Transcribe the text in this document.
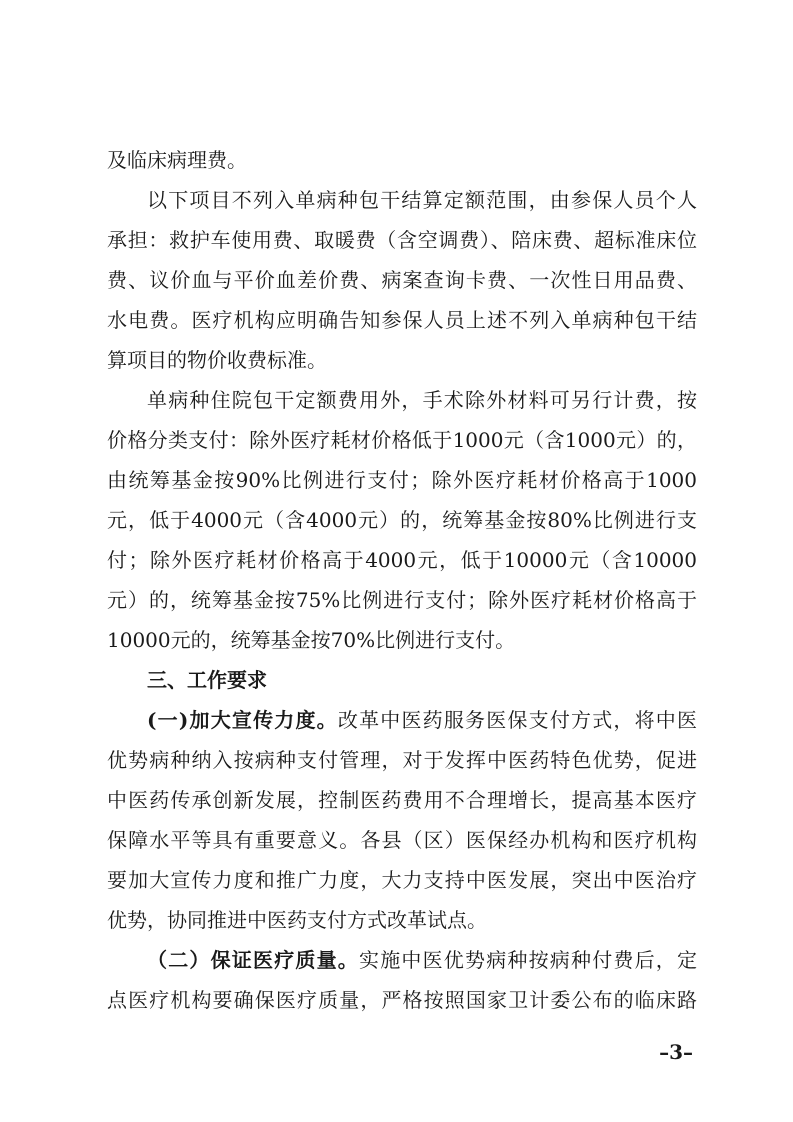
及临床病理费。
以下项目不列入单病种包干结算定额范围，由参保人员个人
承担：救护车使用费、取暖费（含空调费）、陪床费、超标准床位
费、议价血与平价血差价费、病案查询卡费、一次性日用品费、
水电费。医疗机构应明确告知参保人员上述不列入单病种包干结
算项目的物价收费标准。
单病种住院包干定额费用外，手术除外材料可另行计费，按
价格分类支付：除外医疗耗材价格低于1000元（含1000元）的，
由统筹基金按90%比例进行支付；除外医疗耗材价格高于1000
元，低于4000元（含4000元）的，统筹基金按80%比例进行支
付；除外医疗耗材价格高于4000元，低于10000元（含10000
元）的，统筹基金按75%比例进行支付；除外医疗耗材价格高于
10000元的，统筹基金按70%比例进行支付。
三、工作要求
(一)加大宣传力度。改革中医药服务医保支付方式，将中医
优势病种纳入按病种支付管理，对于发挥中医药特色优势，促进
中医药传承创新发展，控制医药费用不合理增长，提高基本医疗
保障水平等具有重要意义。各县（区）医保经办机构和医疗机构
要加大宣传力度和推广力度，大力支持中医发展，突出中医治疗
优势，协同推进中医药支付方式改革试点。
（二）保证医疗质量。实施中医优势病种按病种付费后，定
点医疗机构要确保医疗质量，严格按照国家卫计委公布的临床路
–3–
